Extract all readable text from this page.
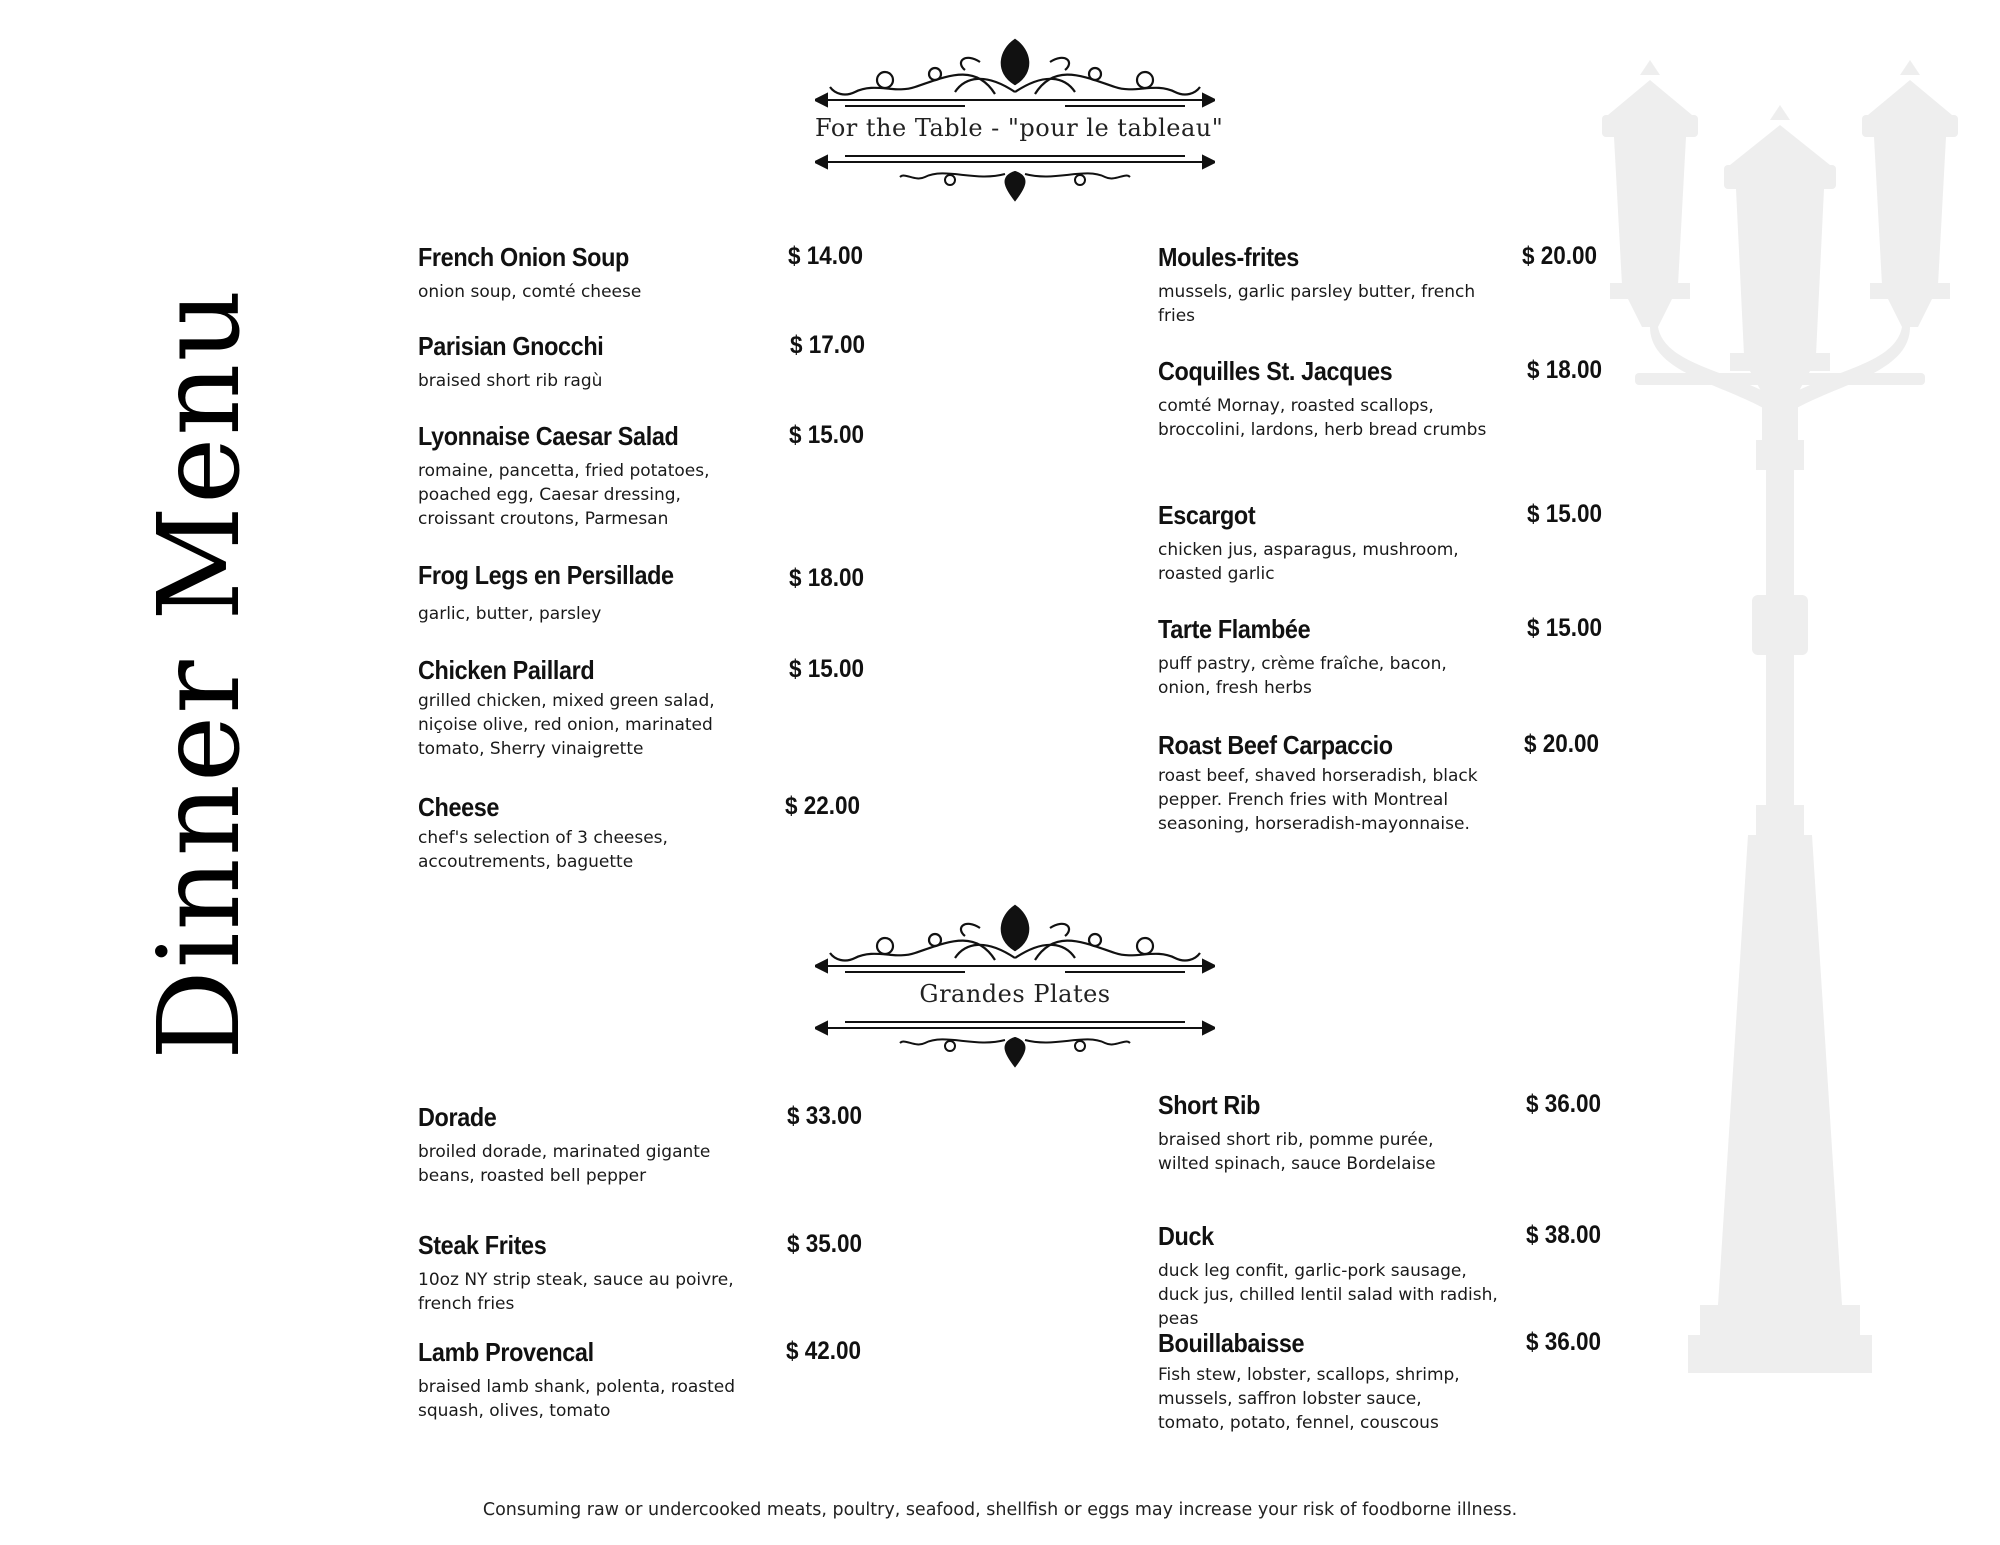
Dinner Menu
For the Table - "pour le tableau"
Grandes Plates
French Onion Soup	$ 14.00
onion soup, comté cheese
Parisian Gnocchi	$ 17.00
braised short rib ragù
Lyonnaise Caesar Salad	$ 15.00
romaine, pancetta, fried potatoes, poached egg, Caesar dressing, croissant croutons, Parmesan
Frog Legs en Persillade	$ 18.00
garlic, butter, parsley
Chicken Paillard	$ 15.00
grilled chicken, mixed green salad, niçoise olive, red onion, marinated tomato, Sherry vinaigrette
Cheese	$ 22.00
chef's selection of 3 cheeses, accoutrements, baguette
Moules-frites	$ 20.00
mussels, garlic parsley butter, french fries
Coquilles St. Jacques	$ 18.00
comté Mornay, roasted scallops, broccolini, lardons, herb bread crumbs
Escargot	$ 15.00
chicken jus, asparagus, mushroom, roasted garlic
Tarte Flambée	$ 15.00
puff pastry, crème fraîche, bacon, onion, fresh herbs
Roast Beef Carpaccio	$ 20.00
roast beef, shaved horseradish, black pepper. French fries with Montreal seasoning, horseradish-mayonnaise.
Dorade	$ 33.00
broiled dorade, marinated gigante beans, roasted bell pepper
Steak Frites	$ 35.00
10oz NY strip steak, sauce au poivre, french fries
Lamb Provencal	$ 42.00
braised lamb shank, polenta, roasted squash, olives, tomato
Short Rib	$ 36.00
braised short rib, pomme purée, wilted spinach, sauce Bordelaise
Duck	$ 38.00
duck leg confit, garlic-pork sausage, duck jus, chilled lentil salad with radish, peas
Bouillabaisse	$ 36.00
Fish stew, lobster, scallops, shrimp, mussels, saffron lobster sauce, tomato, potato, fennel, couscous
Consuming raw or undercooked meats, poultry, seafood, shellfish or eggs may increase your risk of foodborne illness.
